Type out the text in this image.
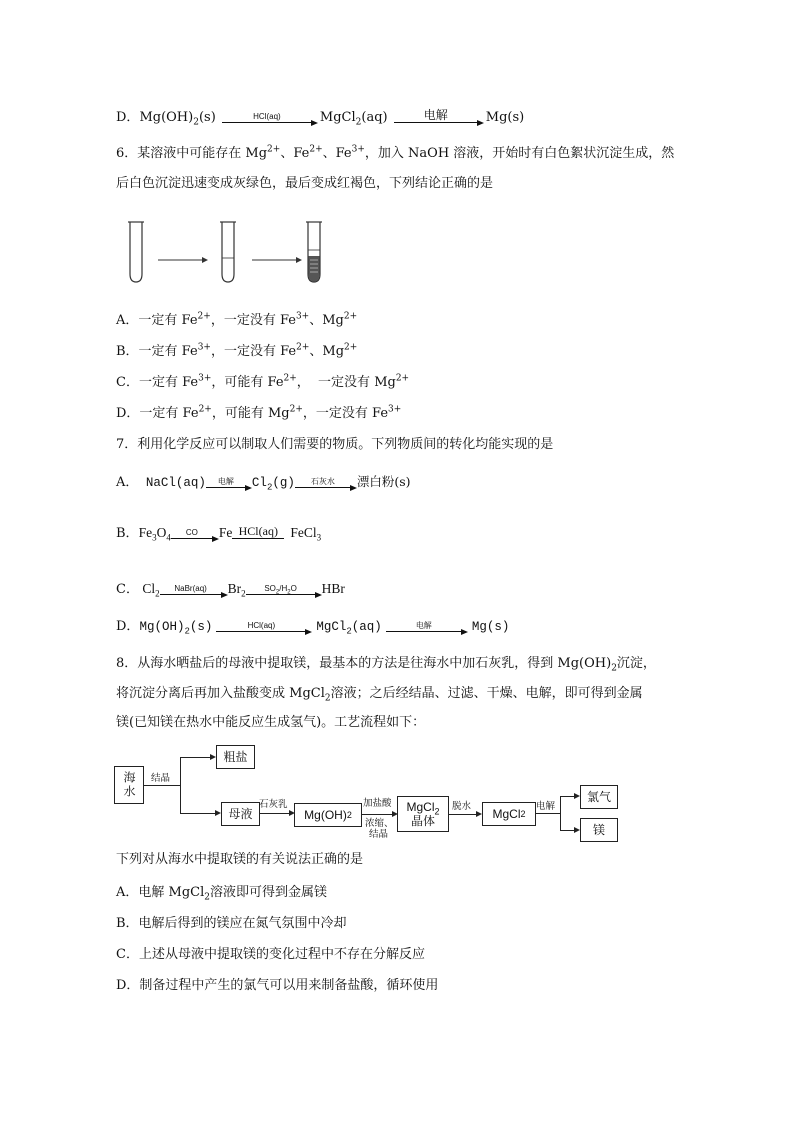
D．$Mg(OH)_2(s)$	HCl(aq)	MgCl$_2$(aq)	电解	Mg(s)
6．某溶液中可能存在 $Mg^{2+}$、$Fe^{2+}$、$Fe^{3+}$，加入 NaOH 溶液，开始时有白色絮状沉淀生成，然
后白色沉淀迅速变成灰绿色，最后变成红褐色，下列结论正确的是
A．一定有 $Fe^{2+}$，一定没有 $Fe^{3+}$、$Mg^{2+}$
B．一定有 $Fe^{3+}$，一定没有 $Fe^{2+}$、$Mg^{2+}$
C．一定有 $Fe^{3+}$，可能有 $Fe^{2+}$，  一定没有 $Mg^{2+}$
D．一定有 $Fe^{2+}$，可能有 $Mg^{2+}$，一定没有 $Fe^{3+}$
7．利用化学反应可以制取人们需要的物质。下列物质间的转化均能实现的是
A． NaCl(aq)	电解	$Cl_2(g)$	石灰水	漂白粉(s)
B．$Fe_3O_4$
CO	Fe HCl(aq) FeCl$_3$
C． $Cl_2$
NaBr(aq)	$Br_2$
$SO_2/H_2O$	HBr
D．$Mg(OH)_2(s)$	HCl(aq)	MgCl$_2$(aq)	电解	Mg(s)
8．从海水晒盐后的母液中提取镁，最基本的方法是往海水中加石灰乳，得到 $Mg(OH)_2$沉淀，
将沉淀分离后再加入盐酸变成 MgCl$_2$溶液；之后经结晶、过滤、干燥、电解，即可得到金属
镁(已知镁在热水中能反应生成氢气)。工艺流程如下：
海水 结晶
粗盐
母液
石灰乳
Mg(OH) 2
加盐酸
浓缩、
结晶
MgCl$_2$
晶体
脱水
MgCl 2
电解
氯气
镁
下列对从海水中提取镁的有关说法正确的是
A．电解 MgCl$_2$溶液即可得到金属镁
B．电解后得到的镁应在氮气氛围中冷却
C．上述从母液中提取镁的变化过程中不存在分解反应
D．制备过程中产生的氯气可以用来制备盐酸，循环使用
